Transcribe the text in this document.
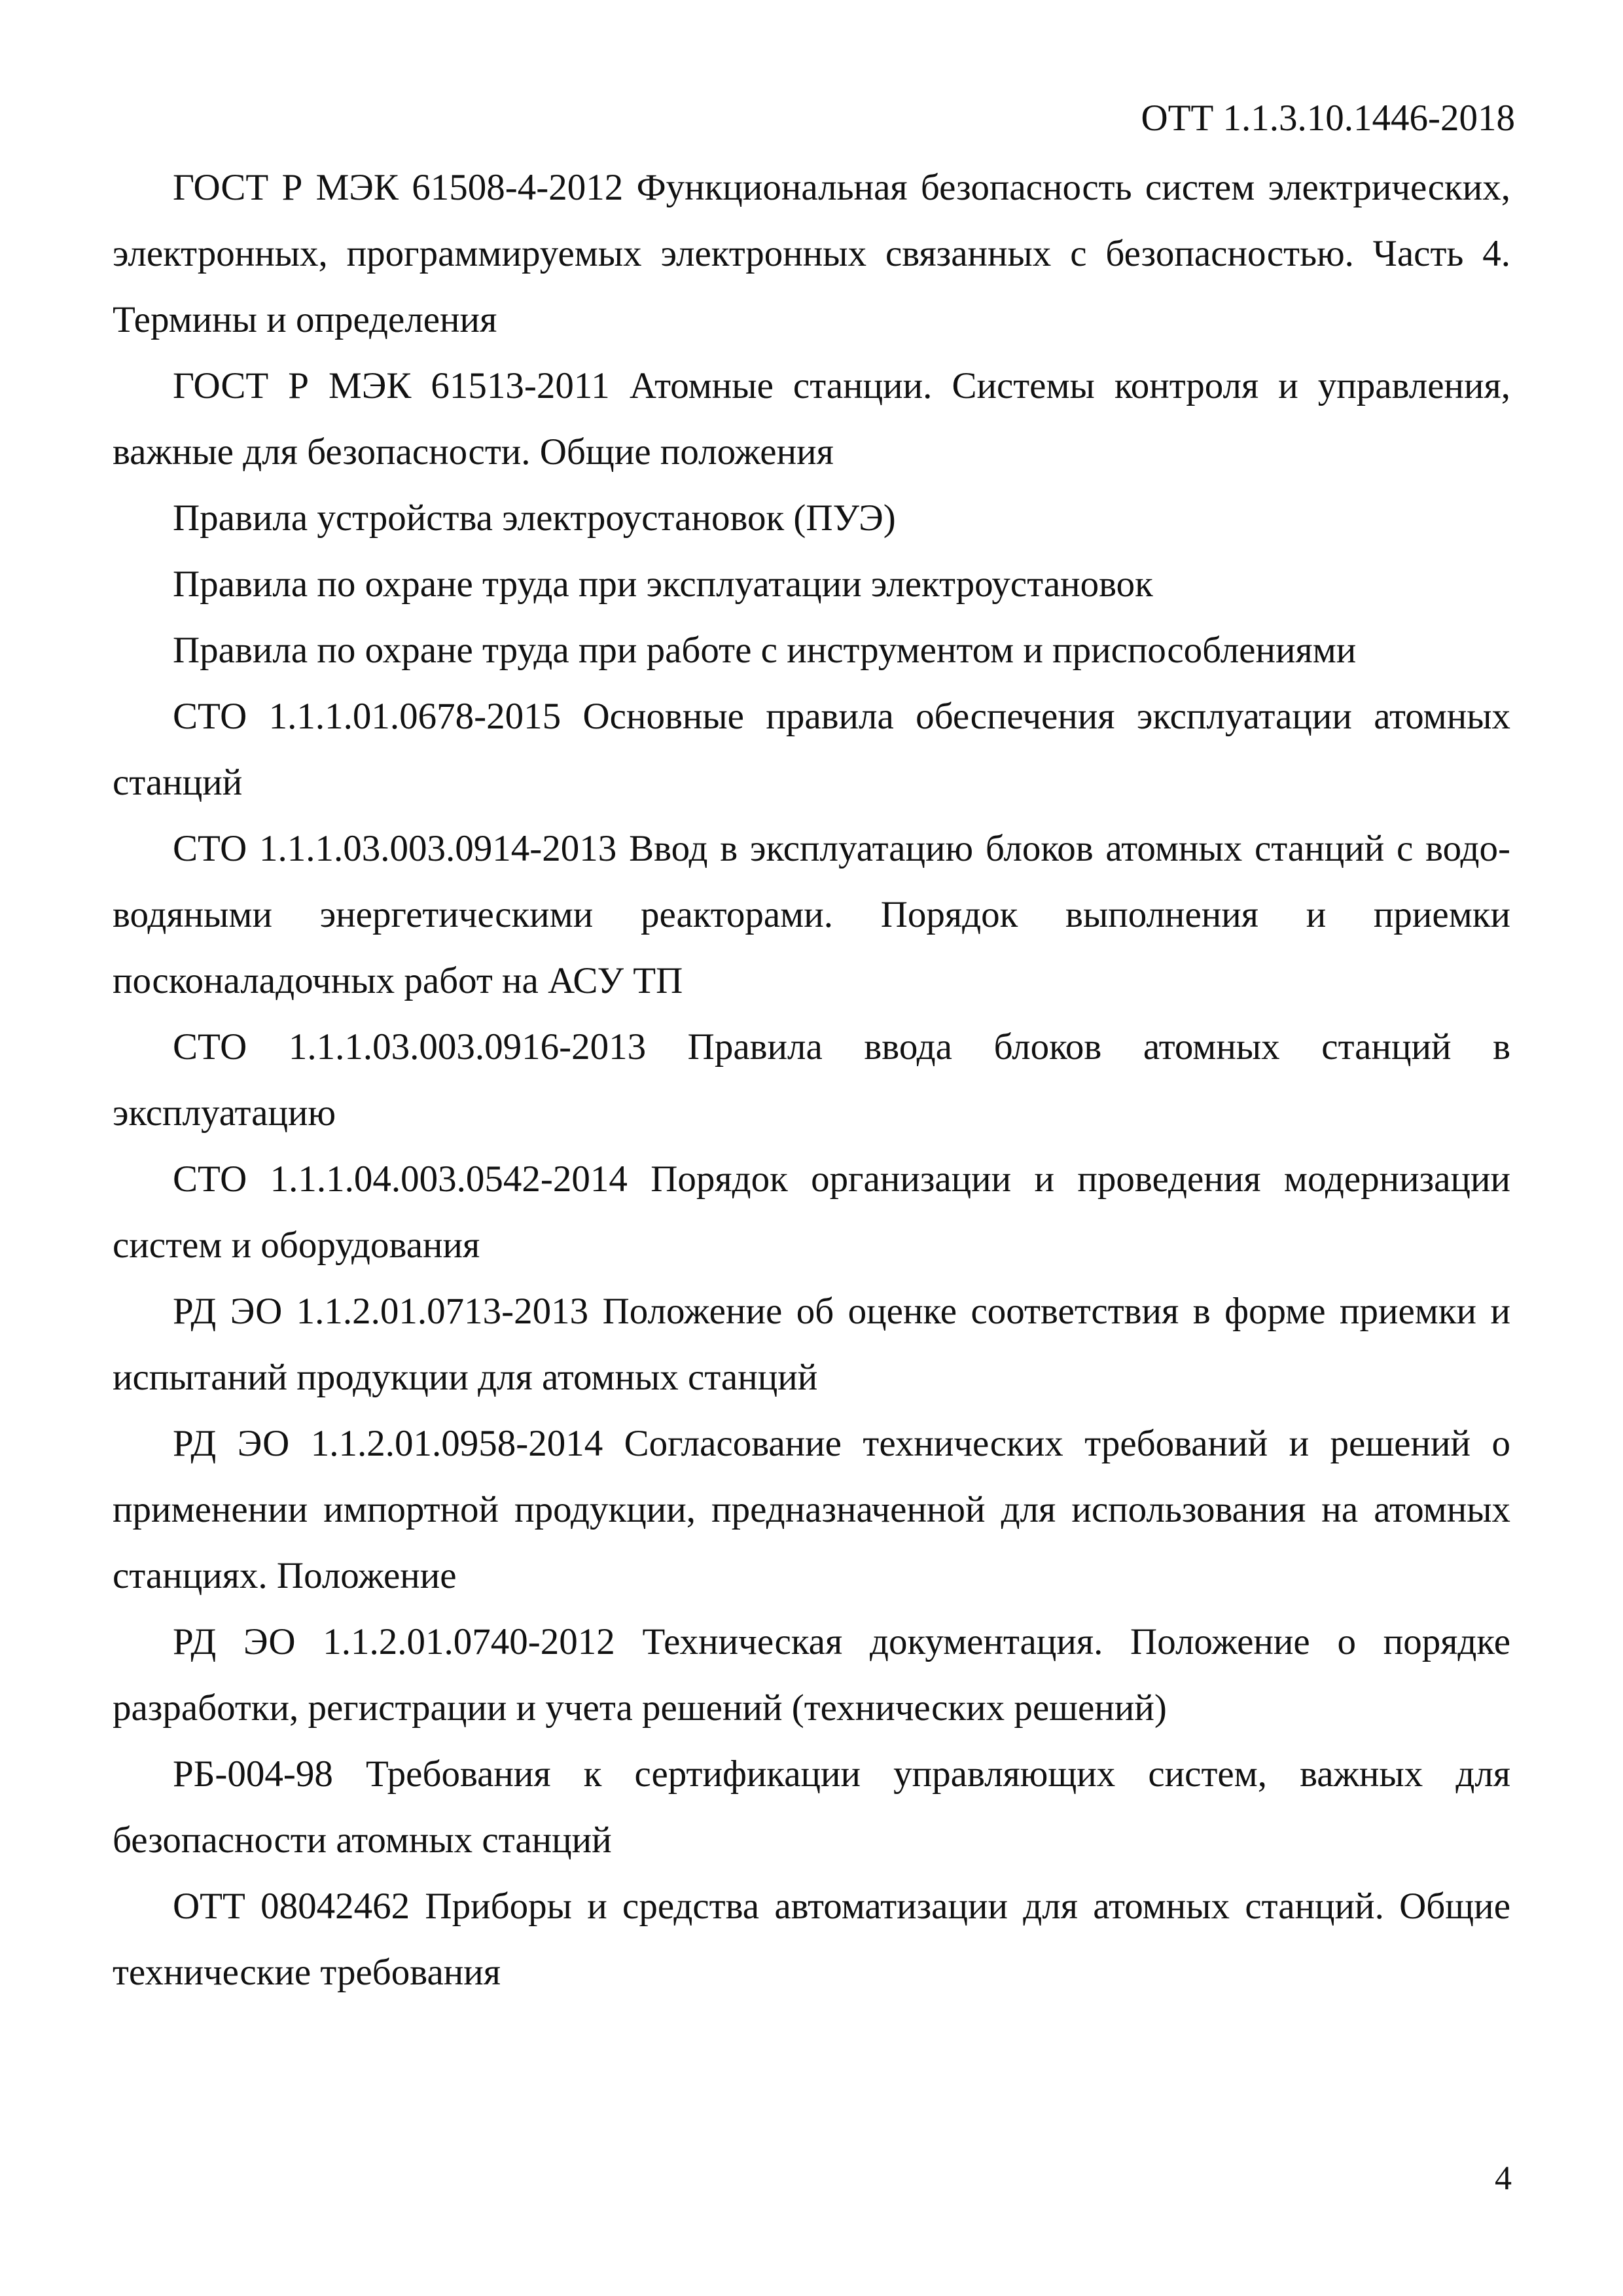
ОТТ 1.1.3.10.1446-2018

ГОСТ Р МЭК 61508-4-2012 Функциональная безопасность систем электрических, электронных, программируемых электронных связанных с безопасностью. Часть 4. Термины и определения

ГОСТ Р МЭК 61513-2011 Атомные станции. Системы контроля и управления, важные для безопасности. Общие положения

Правила устройства электроустановок (ПУЭ)

Правила по охране труда при эксплуатации электроустановок

Правила по охране труда при работе с инструментом и приспособлениями

СТО 1.1.1.01.0678-2015 Основные правила обеспечения эксплуатации атомных станций

СТО 1.1.1.03.003.0914-2013 Ввод в эксплуатацию блоков атомных станций с водо-водяными энергетическими реакторами. Порядок выполнения и приемки посконаладочных работ на АСУ ТП

СТО 1.1.1.03.003.0916-2013 Правила ввода блоков атомных станций в эксплуатацию

СТО 1.1.1.04.003.0542-2014 Порядок организации и проведения модернизации систем и оборудования

РД ЭО 1.1.2.01.0713-2013 Положение об оценке соответствия в форме приемки и испытаний продукции для атомных станций

РД ЭО 1.1.2.01.0958-2014 Согласование технических требований и решений о применении импортной продукции, предназначенной для использования на атомных станциях. Положение

РД ЭО 1.1.2.01.0740-2012 Техническая документация. Положение о порядке разработки, регистрации и учета решений (технических решений)

РБ-004-98 Требования к сертификации управляющих систем, важных для безопасности атомных станций

ОТТ 08042462 Приборы и средства автоматизации для атомных станций. Общие технические требования

4
